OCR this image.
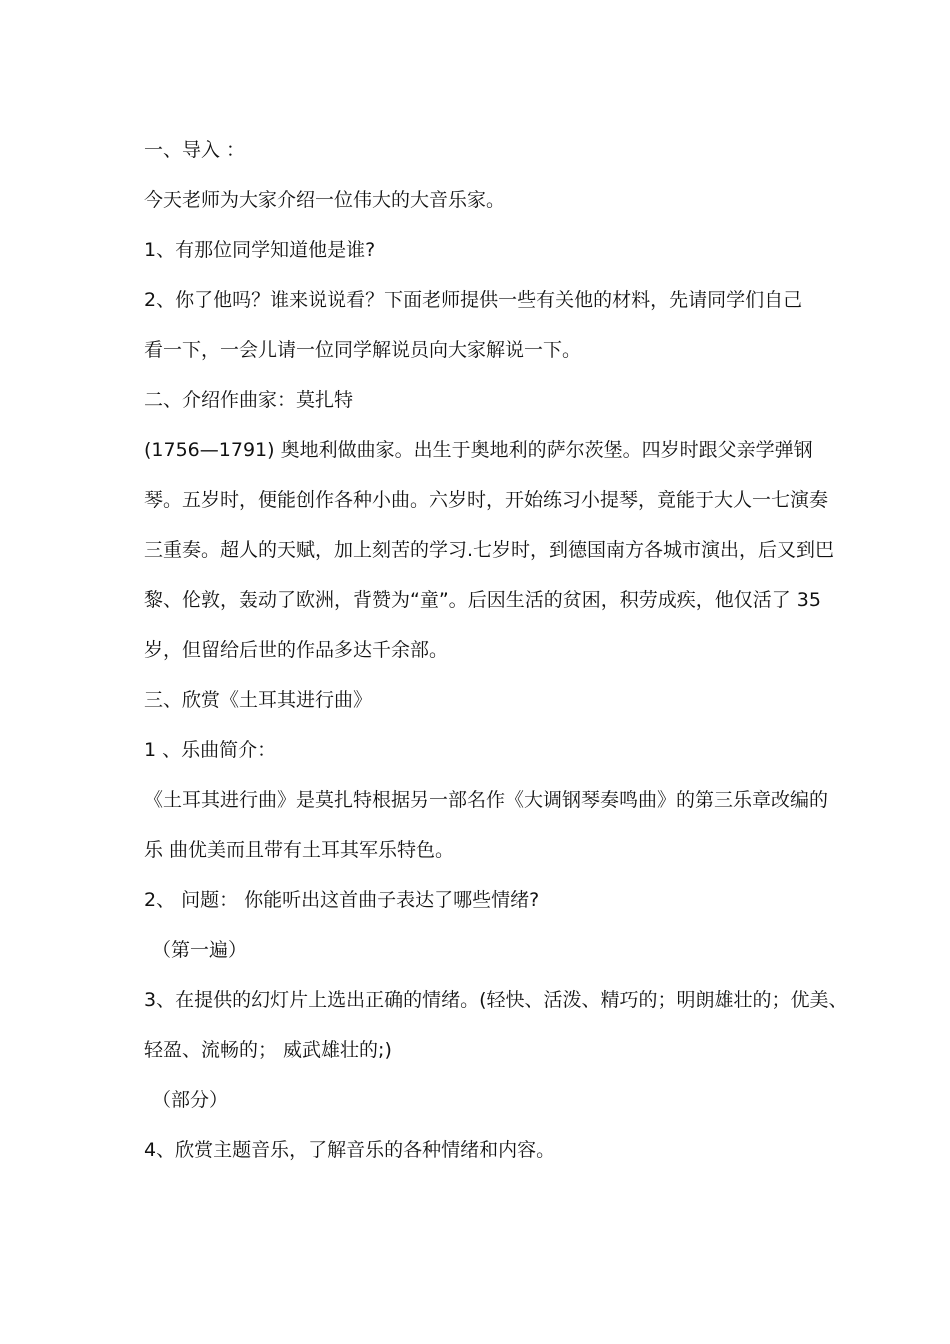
一、导入 ：
今天老师为大家介绍一位伟大的大音乐家。
1、有那位同学知道他是谁?
2、你了他吗？谁来说说看？下面老师提供一些有关他的材料，先请同学们自己
看一下，一会儿请一位同学解说员向大家解说一下。
二、介绍作曲家：莫扎特
(1756—1791) 奥地利做曲家。出生于奥地利的萨尔茨堡。四岁时跟父亲学弹钢
琴。五岁时，便能创作各种小曲。六岁时，开始练习小提琴，竟能于大人一七演奏
三重奏。超人的天赋，加上刻苦的学习.七岁时，到德国南方各城市演出，后又到巴
黎、伦敦，轰动了欧洲，背赞为“童”。后因生活的贫困，积劳成疾，他仅活了 35
岁，但留给后世的作品多达千余部。
三、欣赏《土耳其进行曲》
1 、乐曲简介：
《土耳其进行曲》是莫扎特根据另一部名作《大调钢琴奏鸣曲》的第三乐章改编的
乐 曲优美而且带有土耳其军乐特色。
2、 问题： 你能听出这首曲子表达了哪些情绪?
（第一遍）
3、在提供的幻灯片上选出正确的情绪。(轻快、活泼、精巧的；明朗雄壮的；优美、
轻盈、流畅的； 威武雄壮的;)
（部分）
4、欣赏主题音乐，了解音乐的各种情绪和内容。
